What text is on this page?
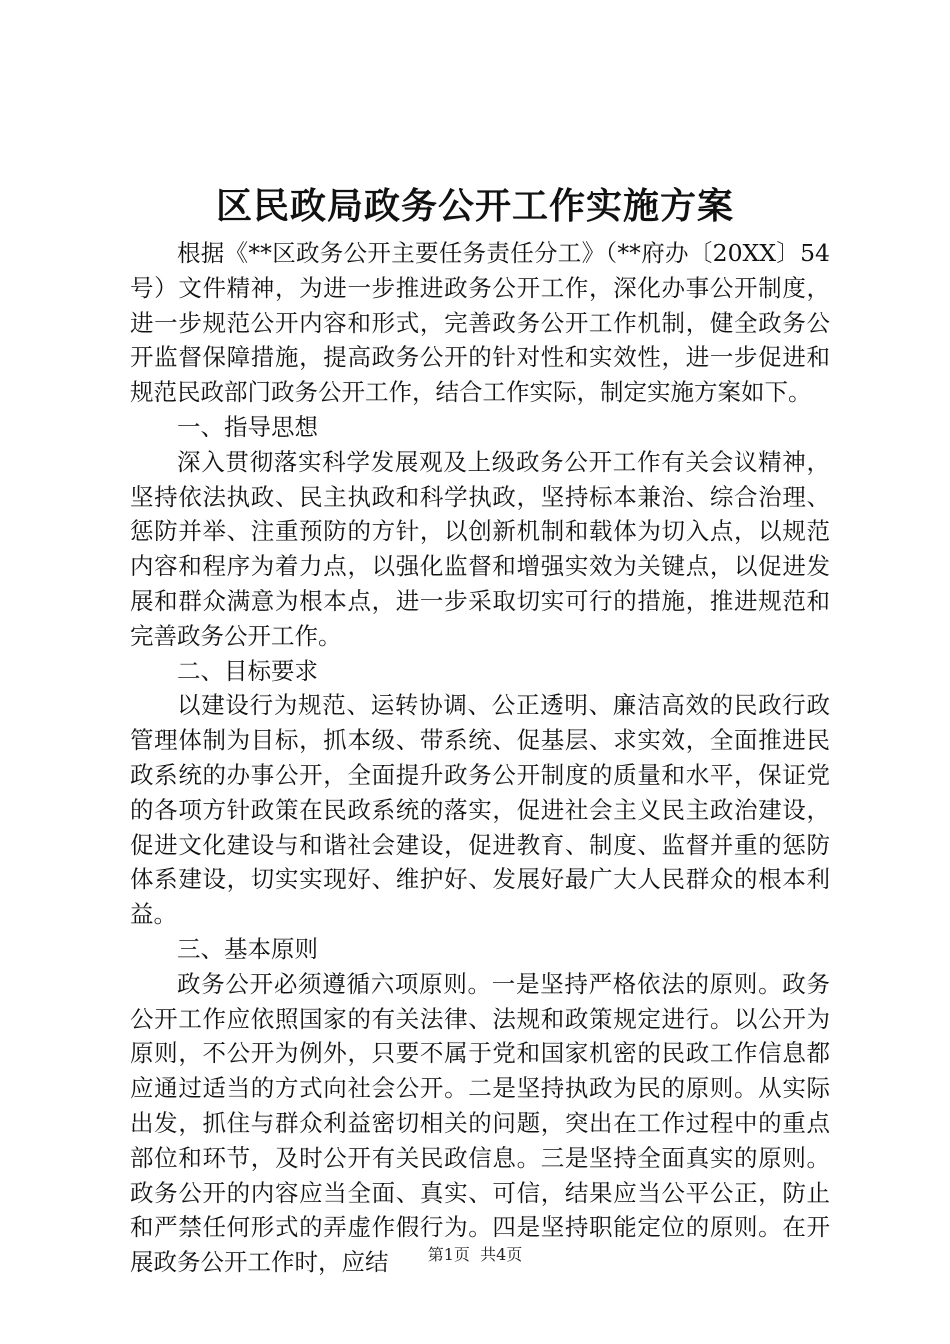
区民政局政务公开工作实施方案

根据《**区政务公开主要任务责任分工》（**府办〔20XX〕54号）文件精神，为进一步推进政务公开工作，深化办事公开制度，进一步规范公开内容和形式，完善政务公开工作机制，健全政务公开监督保障措施，提高政务公开的针对性和实效性，进一步促进和规范民政部门政务公开工作，结合工作实际，制定实施方案如下。

一、指导思想

深入贯彻落实科学发展观及上级政务公开工作有关会议精神，坚持依法执政、民主执政和科学执政，坚持标本兼治、综合治理、惩防并举、注重预防的方针，以创新机制和载体为切入点，以规范内容和程序为着力点，以强化监督和增强实效为关键点，以促进发展和群众满意为根本点，进一步采取切实可行的措施，推进规范和完善政务公开工作。

二、目标要求

以建设行为规范、运转协调、公正透明、廉洁高效的民政行政管理体制为目标，抓本级、带系统、促基层、求实效，全面推进民政系统的办事公开，全面提升政务公开制度的质量和水平，保证党的各项方针政策在民政系统的落实，促进社会主义民主政治建设，促进文化建设与和谐社会建设，促进教育、制度、监督并重的惩防体系建设，切实实现好、维护好、发展好最广大人民群众的根本利益。

三、基本原则

政务公开必须遵循六项原则。一是坚持严格依法的原则。政务公开工作应依照国家的有关法律、法规和政策规定进行。以公开为原则，不公开为例外，只要不属于党和国家机密的民政工作信息都应通过适当的方式向社会公开。二是坚持执政为民的原则。从实际出发，抓住与群众利益密切相关的问题，突出在工作过程中的重点部位和环节，及时公开有关民政信息。三是坚持全面真实的原则。政务公开的内容应当全面、真实、可信，结果应当公平公正，防止和严禁任何形式的弄虚作假行为。四是坚持职能定位的原则。在开展政务公开工作时，应结	第1页 共4页
